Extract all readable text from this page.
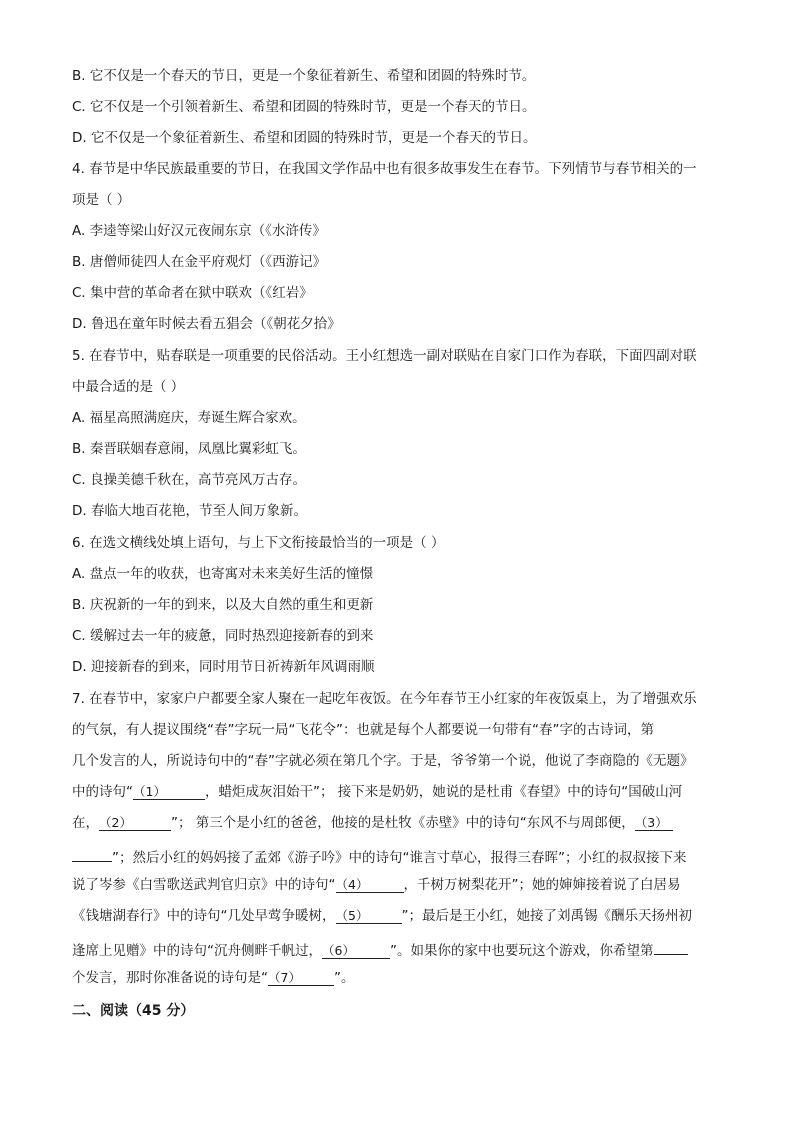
B. 它不仅是一个春天的节日，更是一个象征着新生、希望和团圆的特殊时节。
C. 它不仅是一个引领着新生、希望和团圆的特殊时节，更是一个春天的节日。
D. 它不仅是一个象征着新生、希望和团圆的特殊时节，更是一个春天的节日。
4. 春节是中华民族最重要的节日，在我国文学作品中也有很多故事发生在春节。下列情节与春节相关的一
项是（ ）
A. 李逵等梁山好汉元夜闹东京（《水浒传》
B. 唐僧师徒四人在金平府观灯（《西游记》
C. 集中营的革命者在狱中联欢（《红岩》
D. 鲁迅在童年时候去看五猖会（《朝花夕拾》
5. 在春节中，贴春联是一项重要的民俗活动。王小红想选一副对联贴在自家门口作为春联，下面四副对联
中最合适的是（ ）
A. 福星高照满庭庆，寿诞生辉合家欢。
B. 秦晋联姻春意闹，凤凰比翼彩虹飞。
C. 良操美德千秋在，高节亮风万古存。
D. 春临大地百花艳，节至人间万象新。
6. 在选文横线处填上语句，与上下文衔接最恰当的一项是（ ）
A. 盘点一年的收获，也寄寓对未来美好生活的憧憬
B. 庆祝新的一年的到来，以及大自然的重生和更新
C. 缓解过去一年的疲惫，同时热烈迎接新春的到来
D. 迎接新春的到来，同时用节日祈祷新年风调雨顺
7. 在春节中，家家户户都要全家人聚在一起吃年夜饭。在今年春节王小红家的年夜饭桌上，为了增强欢乐
的气氛，有人提议围绕“春”字玩一局“飞花令”：也就是每个人都要说一句带有“春”字的古诗词，第
几个发言的人，所说诗句中的“春”字就必须在第几个字。于是，爷爷第一个说，他说了李商隐的《无题》
中的诗句“（1）	，蜡炬成灰泪始干”； 接下来是奶奶，她说的是杜甫《春望》中的诗句“国破山河
在，（2）	”； 第三个是小红的爸爸，他接的是杜牧《赤壁》中的诗句“东风不与周郎便，（3）
”；然后小红的妈妈接了孟郊《游子吟》中的诗句“谁言寸草心，报得三春晖”；小红的叔叔接下来
说了岑参《白雪歌送武判官归京》中的诗句“（4）	，千树万树梨花开”；她的婶婶接着说了白居易
《钱塘湖春行》中的诗句“几处早莺争暖树，（5） ”；最后是王小红，她接了刘禹锡《酬乐天扬州初
逢席上见赠》中的诗句“沉舟侧畔千帆过，（6）	”。如果你的家中也要玩这个游戏，你希望第
个发言，那时你准备说的诗句是“（7） ”。
二、阅读（45 分）
